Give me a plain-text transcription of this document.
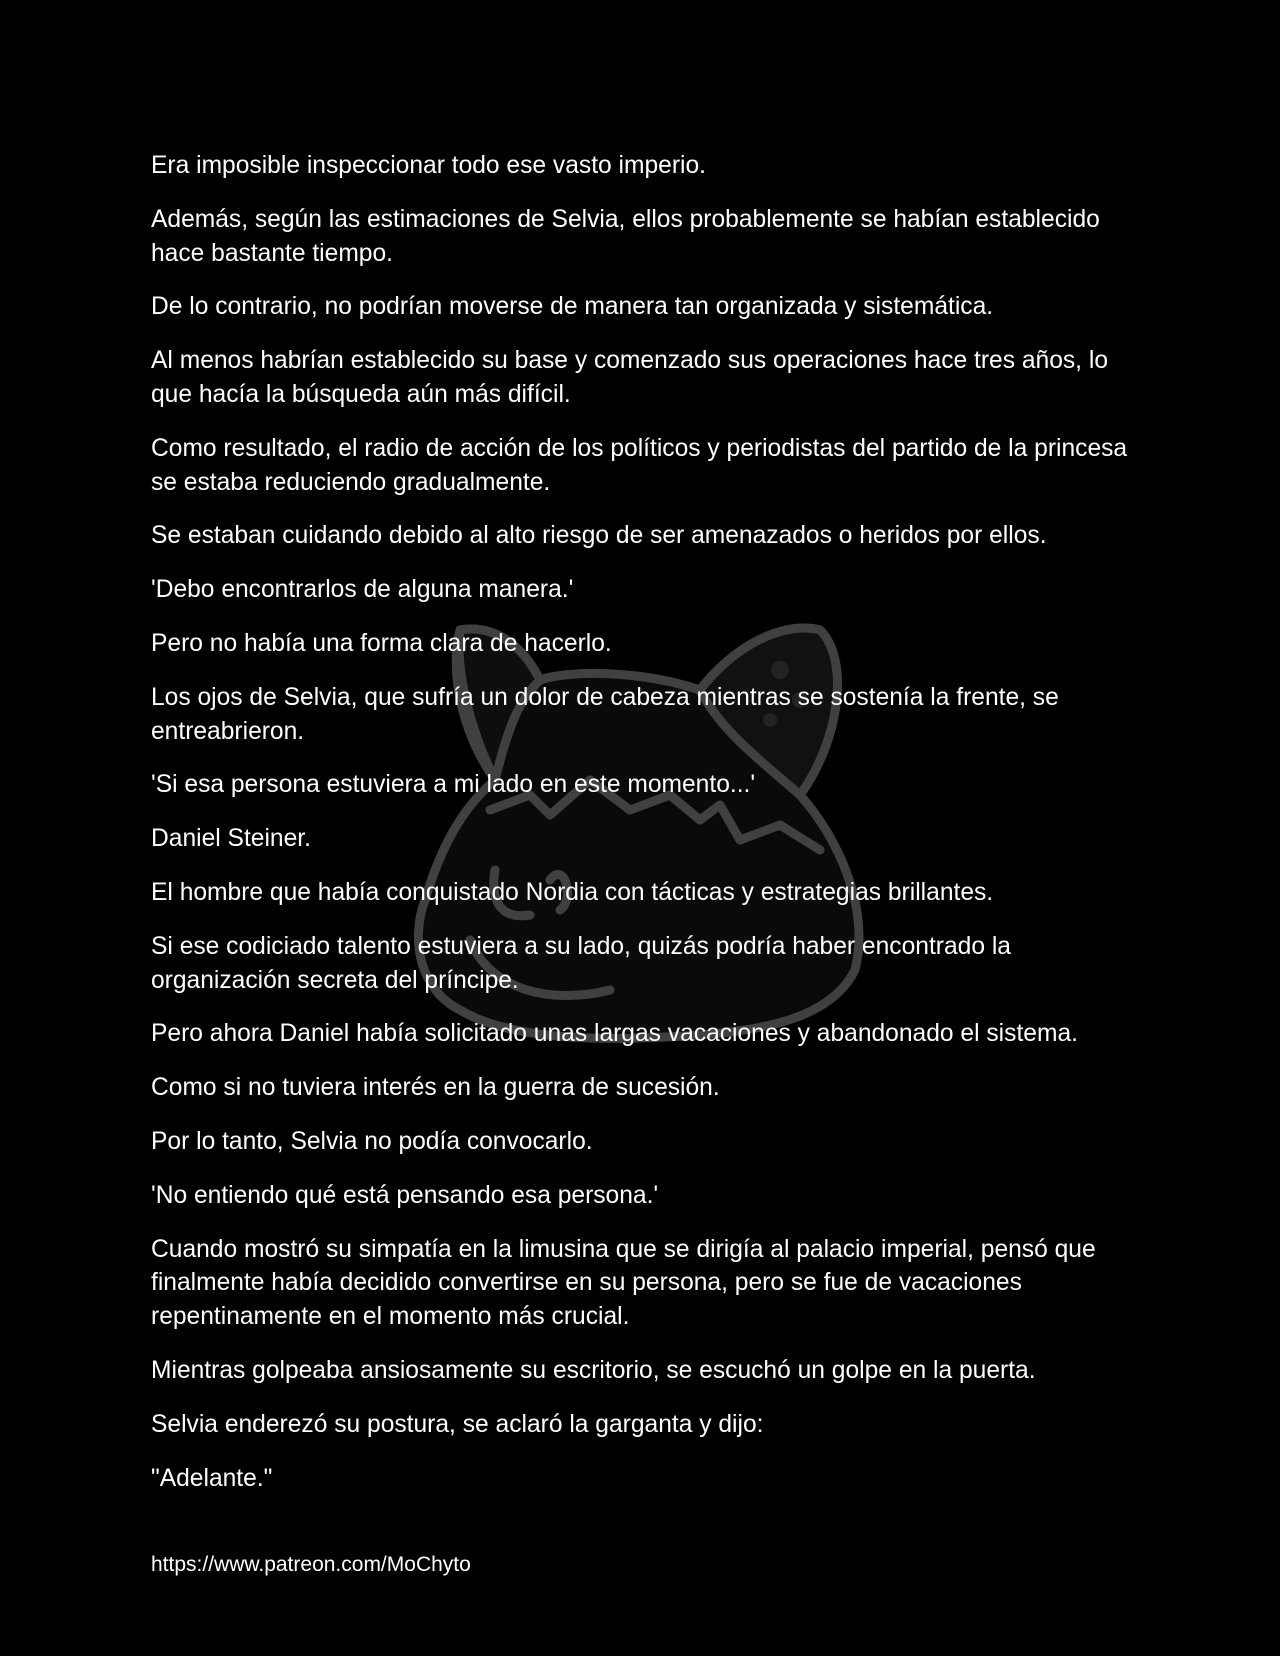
Era imposible inspeccionar todo ese vasto imperio.

Además, según las estimaciones de Selvia, ellos probablemente se habían establecido hace bastante tiempo.

De lo contrario, no podrían moverse de manera tan organizada y sistemática.

Al menos habrían establecido su base y comenzado sus operaciones hace tres años, lo que hacía la búsqueda aún más difícil.

Como resultado, el radio de acción de los políticos y periodistas del partido de la princesa se estaba reduciendo gradualmente.

Se estaban cuidando debido al alto riesgo de ser amenazados o heridos por ellos.

'Debo encontrarlos de alguna manera.'

Pero no había una forma clara de hacerlo.

Los ojos de Selvia, que sufría un dolor de cabeza mientras se sostenía la frente, se entreabrieron.

'Si esa persona estuviera a mi lado en este momento...'

Daniel Steiner.

El hombre que había conquistado Nordia con tácticas y estrategias brillantes.

Si ese codiciado talento estuviera a su lado, quizás podría haber encontrado la organización secreta del príncipe.

Pero ahora Daniel había solicitado unas largas vacaciones y abandonado el sistema.

Como si no tuviera interés en la guerra de sucesión.

Por lo tanto, Selvia no podía convocarlo.

'No entiendo qué está pensando esa persona.'

Cuando mostró su simpatía en la limusina que se dirigía al palacio imperial, pensó que finalmente había decidido convertirse en su persona, pero se fue de vacaciones repentinamente en el momento más crucial.

Mientras golpeaba ansiosamente su escritorio, se escuchó un golpe en la puerta.

Selvia enderezó su postura, se aclaró la garganta y dijo:

"Adelante."

https://www.patreon.com/MoChyto
